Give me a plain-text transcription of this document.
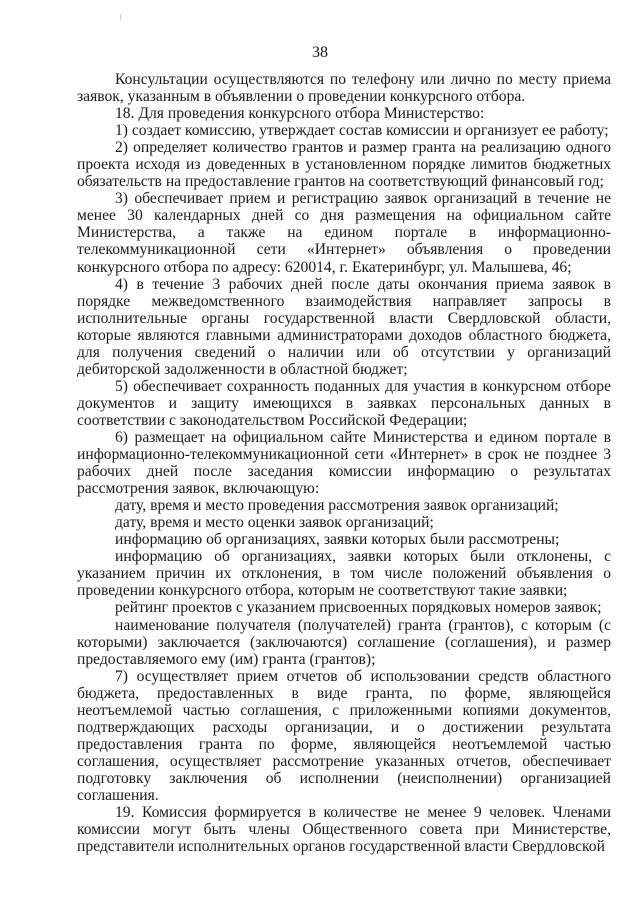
38

Консультации осуществляются по телефону или лично по месту приема заявок, указанным в объявлении о проведении конкурсного отбора.

18. Для проведения конкурсного отбора Министерство:

1) создает комиссию, утверждает состав комиссии и организует ее работу;

2) определяет количество грантов и размер гранта на реализацию одного проекта исходя из доведенных в установленном порядке лимитов бюджетных обязательств на предоставление грантов на соответствующий финансовый год;

3) обеспечивает прием и регистрацию заявок организаций в течение не менее 30 календарных дней со дня размещения на официальном сайте Министерства, а также на едином портале в информационно-телекоммуникационной сети «Интернет» объявления о проведении конкурсного отбора по адресу: 620014, г. Екатеринбург, ул. Малышева, 46;

4) в течение 3 рабочих дней после даты окончания приема заявок в порядке межведомственного взаимодействия направляет запросы в исполнительные органы государственной власти Свердловской области, которые являются главными администраторами доходов областного бюджета, для получения сведений о наличии или об отсутствии у организаций дебиторской задолженности в областной бюджет;

5) обеспечивает сохранность поданных для участия в конкурсном отборе документов и защиту имеющихся в заявках персональных данных в соответствии с законодательством Российской Федерации;

6) размещает на официальном сайте Министерства и едином портале в информационно-телекоммуникационной сети «Интернет» в срок не позднее 3 рабочих дней после заседания комиссии информацию о результатах рассмотрения заявок, включающую:

дату, время и место проведения рассмотрения заявок организаций;

дату, время и место оценки заявок организаций;

информацию об организациях, заявки которых были рассмотрены;

информацию об организациях, заявки которых были отклонены, с указанием причин их отклонения, в том числе положений объявления о проведении конкурсного отбора, которым не соответствуют такие заявки;

рейтинг проектов с указанием присвоенных порядковых номеров заявок;

наименование получателя (получателей) гранта (грантов), с которым (с которыми) заключается (заключаются) соглашение (соглашения), и размер предоставляемого ему (им) гранта (грантов);

7) осуществляет прием отчетов об использовании средств областного бюджета, предоставленных в виде гранта, по форме, являющейся неотъемлемой частью соглашения, с приложенными копиями документов, подтверждающих расходы организации, и о достижении результата предоставления гранта по форме, являющейся неотъемлемой частью соглашения, осуществляет рассмотрение указанных отчетов, обеспечивает подготовку заключения об исполнении (неисполнении) организацией соглашения.

19. Комиссия формируется в количестве не менее 9 человек. Членами комиссии могут быть члены Общественного совета при Министерстве, представители исполнительных органов государственной власти Свердловской
